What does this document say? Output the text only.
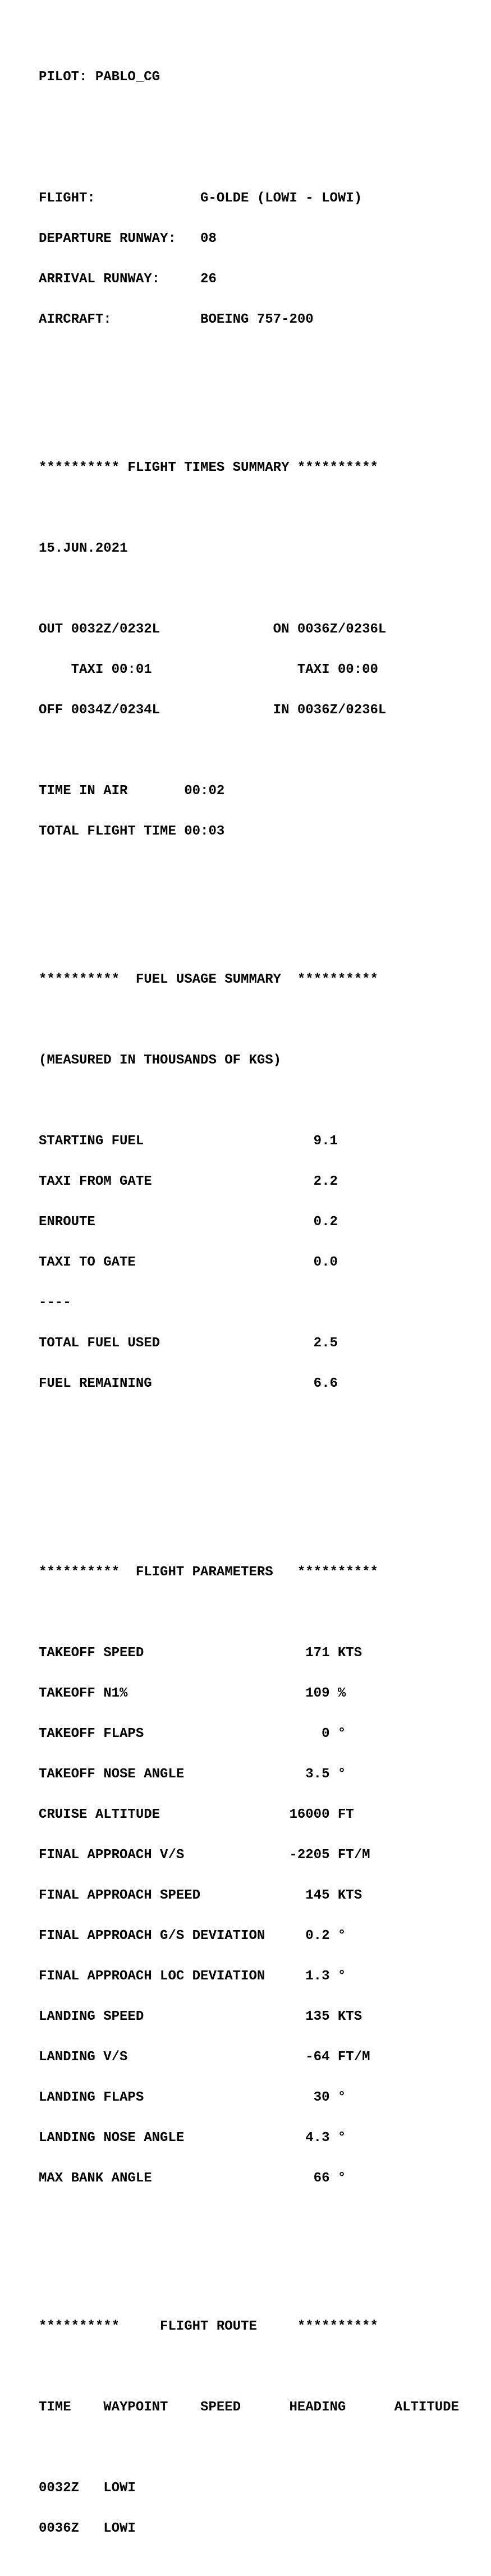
PILOT: PABLO_CG

FLIGHT:             G-OLDE (LOWI - LOWI)

DEPARTURE RUNWAY:   08

ARRIVAL RUNWAY:     26

AIRCRAFT:           BOEING 757-200

********** FLIGHT TIMES SUMMARY **********

15.JUN.2021

OUT 0032Z/0232L              ON 0036Z/0236L

TAXI 00:01                  TAXI 00:00

OFF 0034Z/0234L              IN 0036Z/0236L

TIME IN AIR       00:02

TOTAL FLIGHT TIME 00:03

**********  FUEL USAGE SUMMARY  **********

(MEASURED IN THOUSANDS OF KGS)

STARTING FUEL                     9.1

TAXI FROM GATE                    2.2

ENROUTE                           0.2

TAXI TO GATE                      0.0

----

TOTAL FUEL USED                   2.5

FUEL REMAINING                    6.6

**********  FLIGHT PARAMETERS   **********

TAKEOFF SPEED                    171 KTS

TAKEOFF N1%                      109 %

TAKEOFF FLAPS                      0 °

TAKEOFF NOSE ANGLE               3.5 °

CRUISE ALTITUDE                16000 FT

FINAL APPROACH V/S             -2205 FT/M

FINAL APPROACH SPEED             145 KTS

FINAL APPROACH G/S DEVIATION     0.2 °

FINAL APPROACH LOC DEVIATION     1.3 °

LANDING SPEED                    135 KTS

LANDING V/S                      -64 FT/M

LANDING FLAPS                     30 °

LANDING NOSE ANGLE               4.3 °

MAX BANK ANGLE                    66 °

**********     FLIGHT ROUTE     **********

TIME    WAYPOINT    SPEED      HEADING      ALTITUDE

0032Z   LOWI

0036Z   LOWI
